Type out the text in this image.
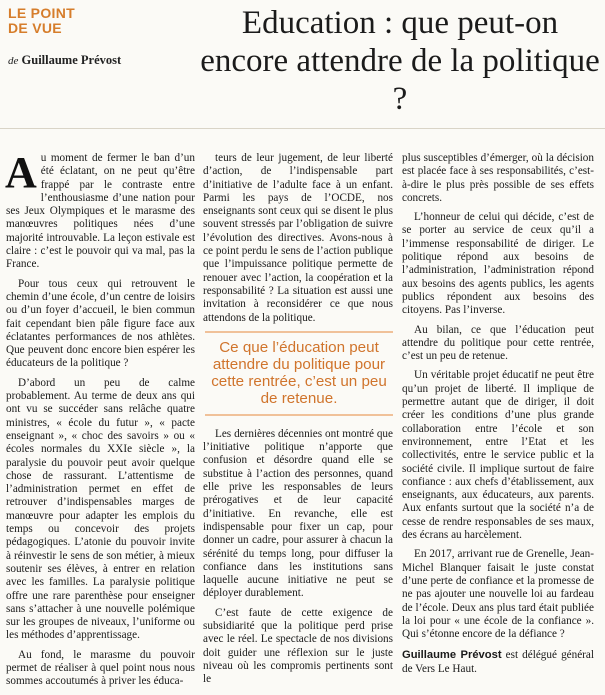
LE POINT
DE VUE
de Guillaume Prévost
Education : que peut-on encore attendre de la politique ?

Au moment de fermer le ban d’un été éclatant, on ne peut qu’être frappé par le contraste entre l’enthousiasme d’une nation pour ses Jeux Olympiques et le marasme des manœuvres politiques nées d’une majorité introuvable. La leçon estivale est claire : c’est le pouvoir qui va mal, pas la France.

Pour tous ceux qui retrouvent le chemin d’une école, d’un centre de loisirs ou d’un foyer d’accueil, le bien commun fait cependant bien pâle figure face aux éclatantes performances de nos athlètes. Que peuvent donc encore bien espérer les éducateurs de la politique ?

D’abord un peu de calme probablement. Au terme de deux ans qui ont vu se succéder sans relâche quatre ministres, « école du futur », « pacte enseignant », « choc des savoirs » ou « écoles normales du XXIe siècle », la paralysie du pouvoir peut avoir quelque chose de rassurant. L’attentisme de l’administration permet en effet de retrouver d’indispensables marges de manœuvre pour adapter les emplois du temps ou concevoir des projets pédagogiques. L’atonie du pouvoir invite à réinvestir le sens de son métier, à mieux soutenir ses élèves, à entrer en relation avec les familles. La paralysie politique offre une rare parenthèse pour enseigner sans s’attacher à une nouvelle polémique sur les groupes de niveaux, l’uniforme ou les méthodes d’apprentissage.

Au fond, le marasme du pouvoir permet de réaliser à quel point nous nous sommes accoutumés à priver les éduca-

teurs de leur jugement, de leur liberté d’action, de l’indispensable part d’initiative de l’adulte face à un enfant. Parmi les pays de l’OCDE, nos enseignants sont ceux qui se disent le plus souvent stressés par l’obligation de suivre l’évolution des directives. Avons-nous à ce point perdu le sens de l’action publique que l’impuissance politique permette de renouer avec l’action, la coopération et la responsabilité ? La situation est aussi une invitation à reconsidérer ce que nous attendons de la politique.

Ce que l’éducation peut attendre du politique pour cette rentrée, c’est un peu de retenue.

Les dernières décennies ont montré que l’initiative politique n’apporte que confusion et désordre quand elle se substitue à l’action des personnes, quand elle prive les responsables de leurs prérogatives et de leur capacité d’initiative. En revanche, elle est indispensable pour fixer un cap, pour donner un cadre, pour assurer à chacun la sérénité du temps long, pour diffuser la confiance dans les institutions sans laquelle aucune initiative ne peut se déployer durablement.

C’est faute de cette exigence de subsidiarité que la politique perd prise avec le réel. Le spectacle de nos divisions doit guider une réflexion sur le juste niveau où les compromis pertinents sont le

plus susceptibles d’émerger, où la décision est placée face à ses responsabilités, c’est-à-dire le plus près possible de ses effets concrets.

L’honneur de celui qui décide, c’est de se porter au service de ceux qu’il a l’immense responsabilité de diriger. Le politique répond aux besoins de l’administration, l’administration répond aux besoins des agents publics, les agents publics répondent aux besoins des citoyens. Pas l’inverse.

Au bilan, ce que l’éducation peut attendre du politique pour cette rentrée, c’est un peu de retenue.

Un véritable projet éducatif ne peut être qu’un projet de liberté. Il implique de permettre autant que de diriger, il doit créer les conditions d’une plus grande collaboration entre l’école et son environnement, entre l’Etat et les collectivités, entre le service public et la société civile. Il implique surtout de faire confiance : aux chefs d’établissement, aux enseignants, aux éducateurs, aux parents. Aux enfants surtout que la société n’a de cesse de rendre responsables de ses maux, des écrans au harcèlement.

En 2017, arrivant rue de Grenelle, Jean-Michel Blanquer faisait le juste constat d’une perte de confiance et la promesse de ne pas ajouter une nouvelle loi au fardeau de l’école. Deux ans plus tard était publiée la loi pour « une école de la confiance ». Qui s’étonne encore de la défiance ?

Guillaume Prévost est délégué général de Vers Le Haut.
